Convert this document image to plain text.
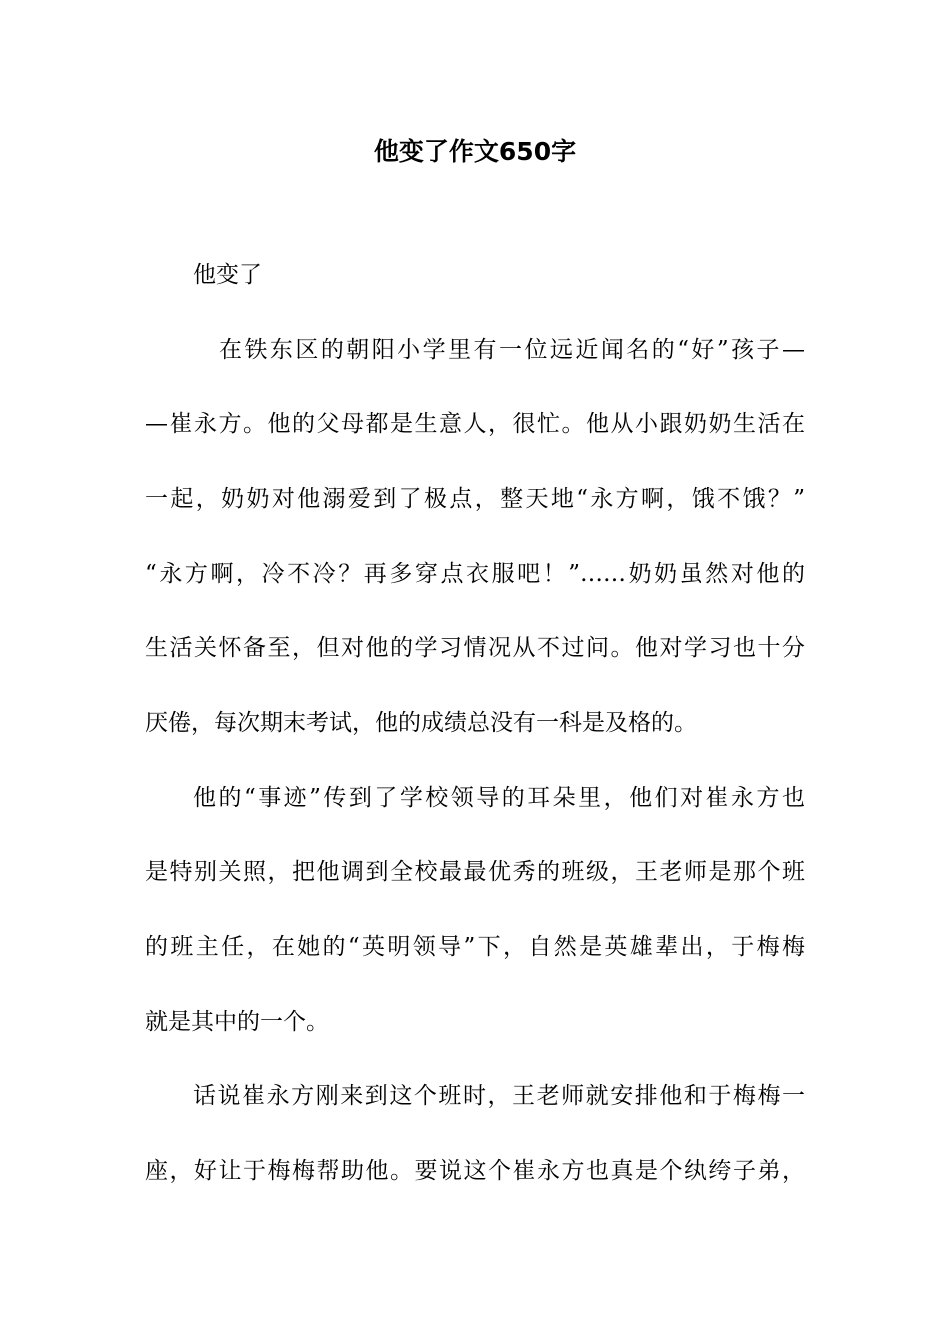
他变了作文650字
他变了
在铁东区的朝阳小学里有一位远近闻名的“好”孩子—
—崔永方。他的父母都是生意人，很忙。他从小跟奶奶生活在
一起，奶奶对他溺爱到了极点，整天地“永方啊，饿不饿？”
“永方啊，冷不冷？再多穿点衣服吧！”……奶奶虽然对他的
生活关怀备至，但对他的学习情况从不过问。他对学习也十分
厌倦，每次期末考试，他的成绩总没有一科是及格的。
他的“事迹”传到了学校领导的耳朵里，他们对崔永方也
是特别关照，把他调到全校最最优秀的班级，王老师是那个班
的班主任，在她的“英明领导”下，自然是英雄辈出，于梅梅
就是其中的一个。
话说崔永方刚来到这个班时，王老师就安排他和于梅梅一
座，好让于梅梅帮助他。要说这个崔永方也真是个纨绔子弟，
